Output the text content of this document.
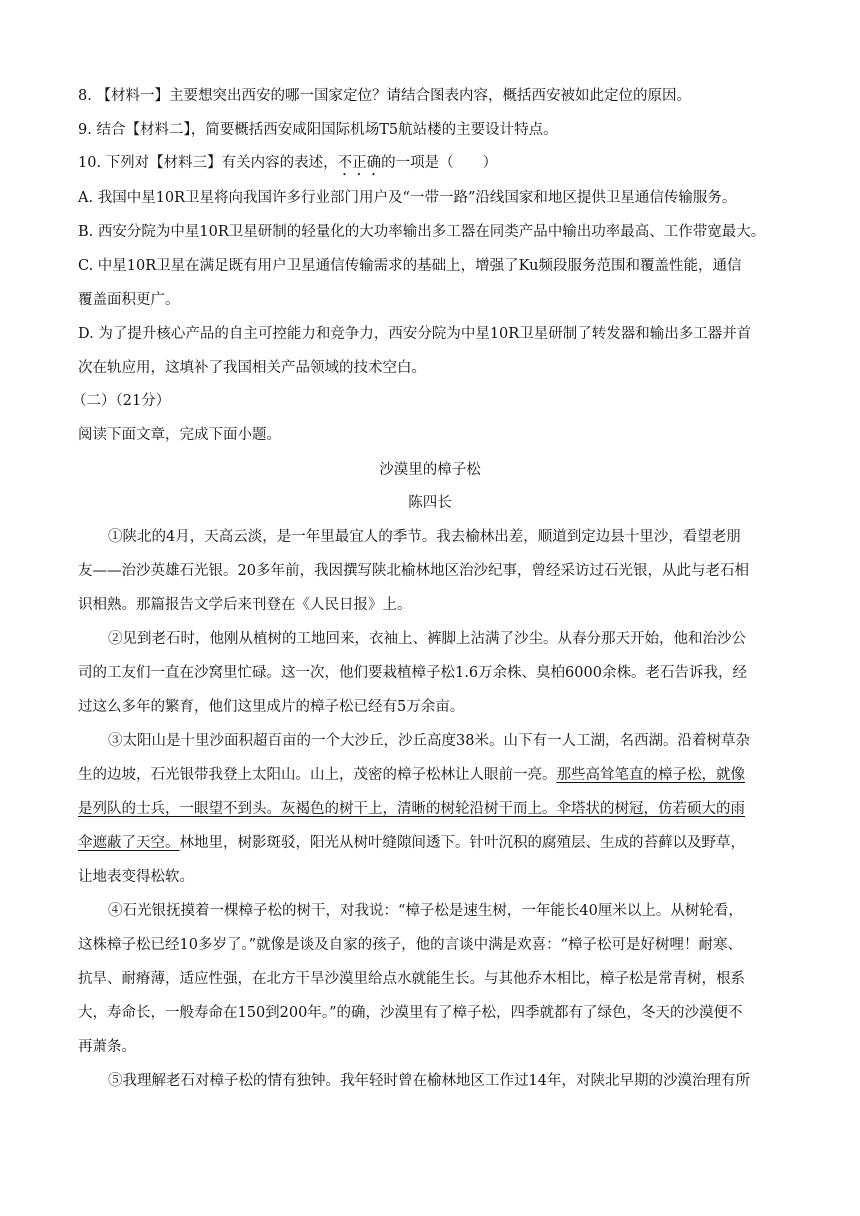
8. 【材料一】主要想突出西安的哪一国家定位？请结合图表内容，概括西安被如此定位的原因。
9. 结合【材料二】，简要概括西安咸阳国际机场T5航站楼的主要设计特点。
10. 下列对【材料三】有关内容的表述，不正确的一项是（　　）
A. 我国中星10R卫星将向我国许多行业部门用户及“一带一路”沿线国家和地区提供卫星通信传输服务。
B. 西安分院为中星10R卫星研制的轻量化的大功率输出多工器在同类产品中输出功率最高、工作带宽最大。
C. 中星10R卫星在满足既有用户卫星通信传输需求的基础上，增强了Ku频段服务范围和覆盖性能，通信
覆盖面积更广。
D. 为了提升核心产品的自主可控能力和竞争力，西安分院为中星10R卫星研制了转发器和输出多工器并首
次在轨应用，这填补了我国相关产品领域的技术空白。
（二）（21分）
阅读下面文章，完成下面小题。
沙漠里的樟子松
陈四长
①陕北的4月，天高云淡，是一年里最宜人的季节。我去榆林出差，顺道到定边县十里沙，看望老朋
友——治沙英雄石光银。20多年前，我因撰写陕北榆林地区治沙纪事，曾经采访过石光银，从此与老石相
识相熟。那篇报告文学后来刊登在《人民日报》上。
②见到老石时，他刚从植树的工地回来，衣袖上、裤脚上沾满了沙尘。从春分那天开始，他和治沙公
司的工友们一直在沙窝里忙碌。这一次，他们要栽植樟子松1.6万余株、臭柏6000余株。老石告诉我，经
过这么多年的繁育，他们这里成片的樟子松已经有5万余亩。
③太阳山是十里沙面积超百亩的一个大沙丘，沙丘高度38米。山下有一人工湖，名西湖。沿着树草杂
生的边坡，石光银带我登上太阳山。山上，茂密的樟子松林让人眼前一亮。那些高耸笔直的樟子松，就像
是列队的士兵，一眼望不到头。灰褐色的树干上，清晰的树轮沿树干而上。伞塔状的树冠，仿若硕大的雨
伞遮蔽了天空。林地里，树影斑驳，阳光从树叶缝隙间透下。针叶沉积的腐殖层、生成的苔藓以及野草，
让地表变得松软。
④石光银抚摸着一棵樟子松的树干，对我说：“樟子松是速生树，一年能长40厘米以上。从树轮看，
这株樟子松已经10多岁了。”就像是谈及自家的孩子，他的言谈中满是欢喜：“樟子松可是好树哩！耐寒、
抗旱、耐瘠薄，适应性强，在北方干旱沙漠里给点水就能生长。与其他乔木相比，樟子松是常青树，根系
大，寿命长，一般寿命在150到200年。”的确，沙漠里有了樟子松，四季就都有了绿色，冬天的沙漠便不
再萧条。
⑤我理解老石对樟子松的情有独钟。我年轻时曾在榆林地区工作过14年，对陕北早期的沙漠治理有所
